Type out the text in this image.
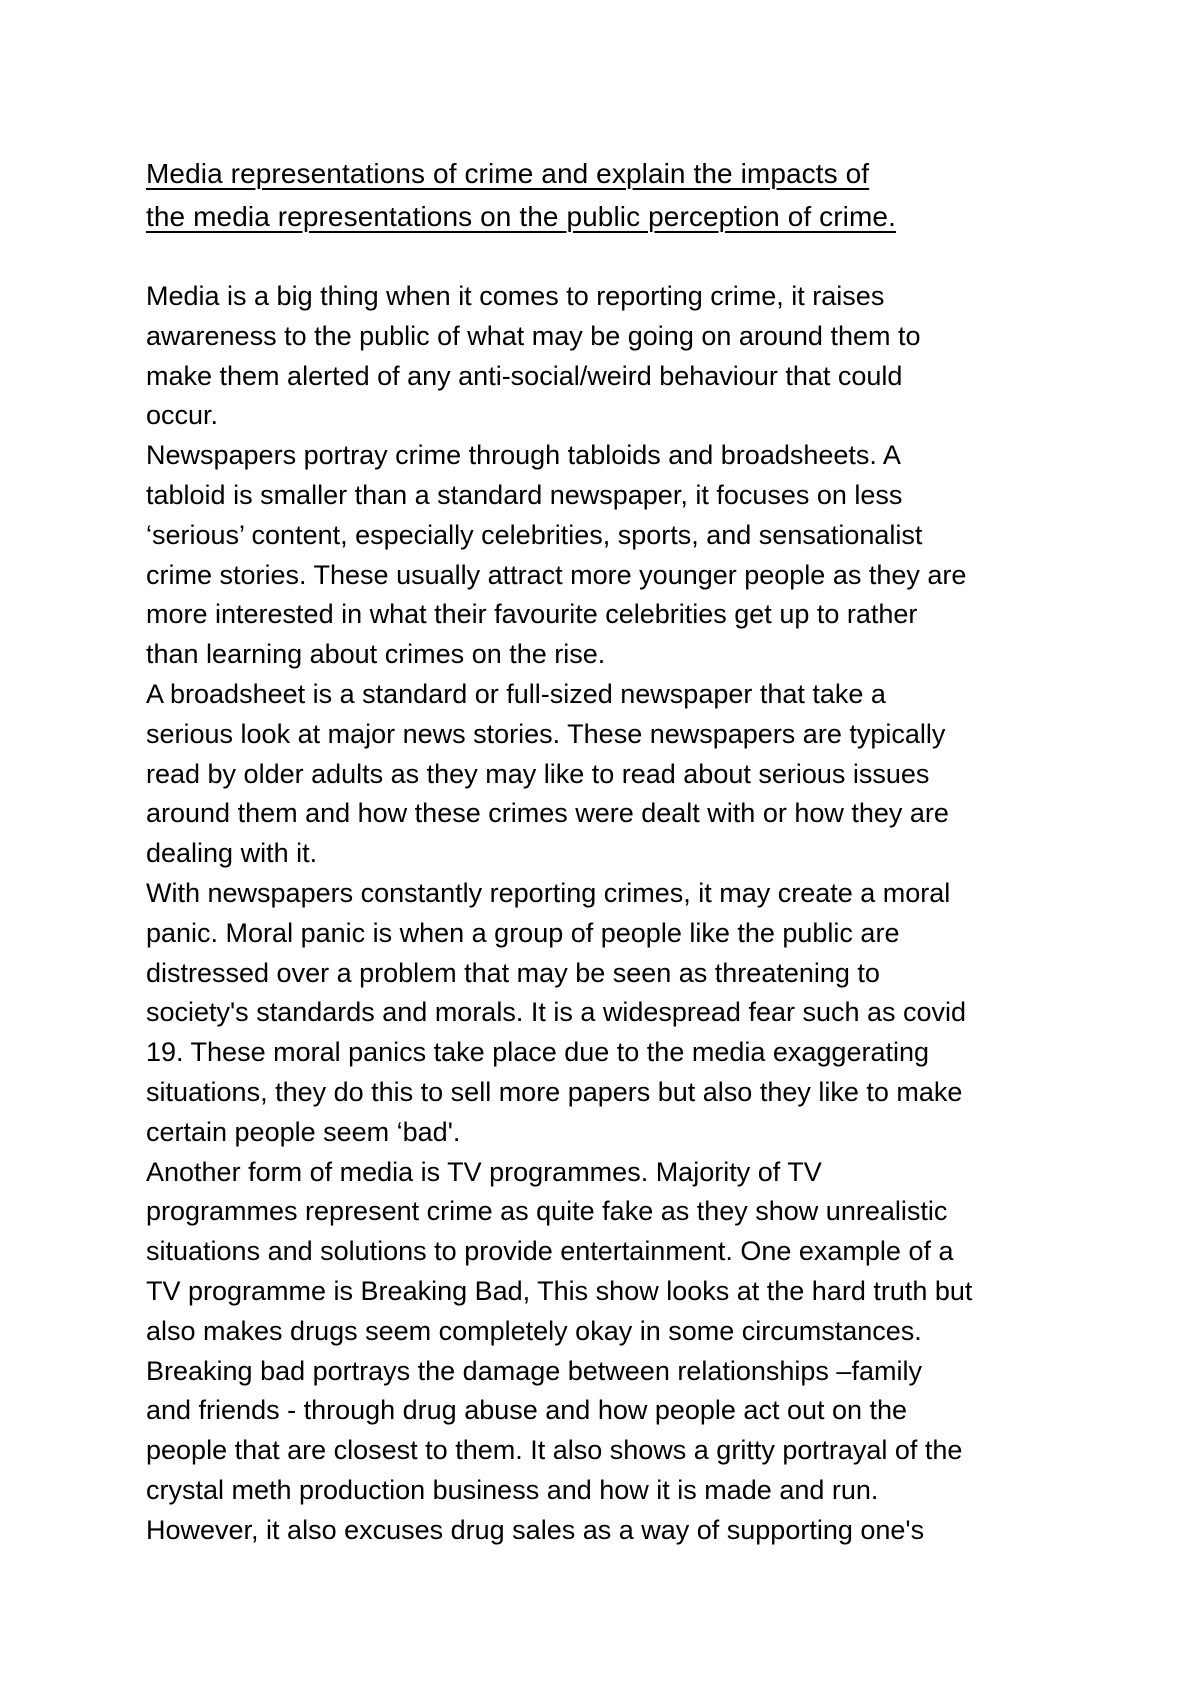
Media representations of crime and explain the impacts of
the media representations on the public perception of crime.
Media is a big thing when it comes to reporting crime, it raises
awareness to the public of what may be going on around them to
make them alerted of any anti-social/weird behaviour that could
occur.
Newspapers portray crime through tabloids and broadsheets. A
tabloid is smaller than a standard newspaper, it focuses on less
‘serious’ content, especially celebrities, sports, and sensationalist
crime stories. These usually attract more younger people as they are
more interested in what their favourite celebrities get up to rather
than learning about crimes on the rise.
A broadsheet is a standard or full-sized newspaper that take a
serious look at major news stories. These newspapers are typically
read by older adults as they may like to read about serious issues
around them and how these crimes were dealt with or how they are
dealing with it.
With newspapers constantly reporting crimes, it may create a moral
panic. Moral panic is when a group of people like the public are
distressed over a problem that may be seen as threatening to
society's standards and morals. It is a widespread fear such as covid
19. These moral panics take place due to the media exaggerating
situations, they do this to sell more papers but also they like to make
certain people seem ‘bad'.
Another form of media is TV programmes. Majority of TV
programmes represent crime as quite fake as they show unrealistic
situations and solutions to provide entertainment. One example of a
TV programme is Breaking Bad, This show looks at the hard truth but
also makes drugs seem completely okay in some circumstances.
Breaking bad portrays the damage between relationships –family
and friends - through drug abuse and how people act out on the
people that are closest to them. It also shows a gritty portrayal of the
crystal meth production business and how it is made and run.
However, it also excuses drug sales as a way of supporting one's
